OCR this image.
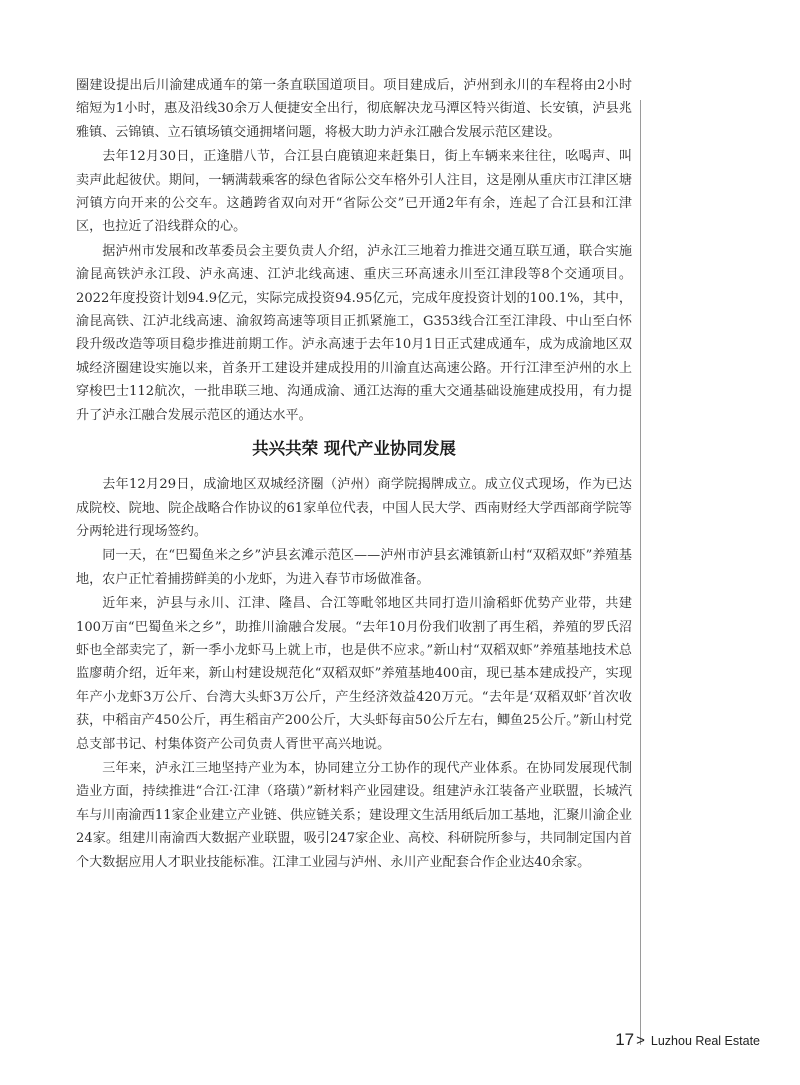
圈建设提出后川渝建成通车的第一条直联国道项目。项目建成后，泸州到永川的车程将由2小时缩短为1小时，惠及沿线30余万人便捷安全出行，彻底解决龙马潭区特兴街道、长安镇，泸县兆雅镇、云锦镇、立石镇场镇交通拥堵问题，将极大助力泸永江融合发展示范区建设。

去年12月30日，正逢腊八节，合江县白鹿镇迎来赶集日，街上车辆来来往往，吆喝声、叫卖声此起彼伏。期间，一辆满载乘客的绿色省际公交车格外引人注目，这是刚从重庆市江津区塘河镇方向开来的公交车。这趟跨省双向对开“省际公交”已开通2年有余，连起了合江县和江津区，也拉近了沿线群众的心。

据泸州市发展和改革委员会主要负责人介绍，泸永江三地着力推进交通互联互通，联合实施渝昆高铁泸永江段、泸永高速、江泸北线高速、重庆三环高速永川至江津段等8个交通项目。2022年度投资计划94.9亿元，实际完成投资94.95亿元，完成年度投资计划的100.1%，其中，渝昆高铁、江泸北线高速、渝叙筠高速等项目正抓紧施工，G353线合江至江津段、中山至白怀段升级改造等项目稳步推进前期工作。泸永高速于去年10月1日正式建成通车，成为成渝地区双城经济圈建设实施以来，首条开工建设并建成投用的川渝直达高速公路。开行江津至泸州的水上穿梭巴士112航次，一批串联三地、沟通成渝、通江达海的重大交通基础设施建成投用，有力提升了泸永江融合发展示范区的通达水平。

共兴共荣 现代产业协同发展

去年12月29日，成渝地区双城经济圈（泸州）商学院揭牌成立。成立仪式现场，作为已达成院校、院地、院企战略合作协议的61家单位代表，中国人民大学、西南财经大学西部商学院等分两轮进行现场签约。

同一天，在“巴蜀鱼米之乡”泸县玄滩示范区——泸州市泸县玄滩镇新山村“双稻双虾”养殖基地，农户正忙着捕捞鲜美的小龙虾，为进入春节市场做准备。

近年来，泸县与永川、江津、隆昌、合江等毗邻地区共同打造川渝稻虾优势产业带，共建100万亩“巴蜀鱼米之乡”，助推川渝融合发展。“去年10月份我们收割了再生稻，养殖的罗氏沼虾也全部卖完了，新一季小龙虾马上就上市，也是供不应求。”新山村“双稻双虾”养殖基地技术总监廖萌介绍，近年来，新山村建设规范化“双稻双虾”养殖基地400亩，现已基本建成投产，实现年产小龙虾3万公斤、台湾大头虾3万公斤，产生经济效益420万元。“去年是‘双稻双虾’首次收获，中稻亩产450公斤，再生稻亩产200公斤，大头虾每亩50公斤左右，鲫鱼25公斤。”新山村党总支部书记、村集体资产公司负责人胥世平高兴地说。

三年来，泸永江三地坚持产业为本，协同建立分工协作的现代产业体系。在协同发展现代制造业方面，持续推进“合江·江津（珞璜）”新材料产业园建设。组建泸永江装备产业联盟，长城汽车与川南渝西11家企业建立产业链、供应链关系；建设理文生活用纸后加工基地，汇聚川渝企业24家。组建川南渝西大数据产业联盟，吸引247家企业、高校、科研院所参与，共同制定国内首个大数据应用人才职业技能标准。江津工业园与泸州、永川产业配套合作企业达40余家。

17 > Luzhou Real Estate
